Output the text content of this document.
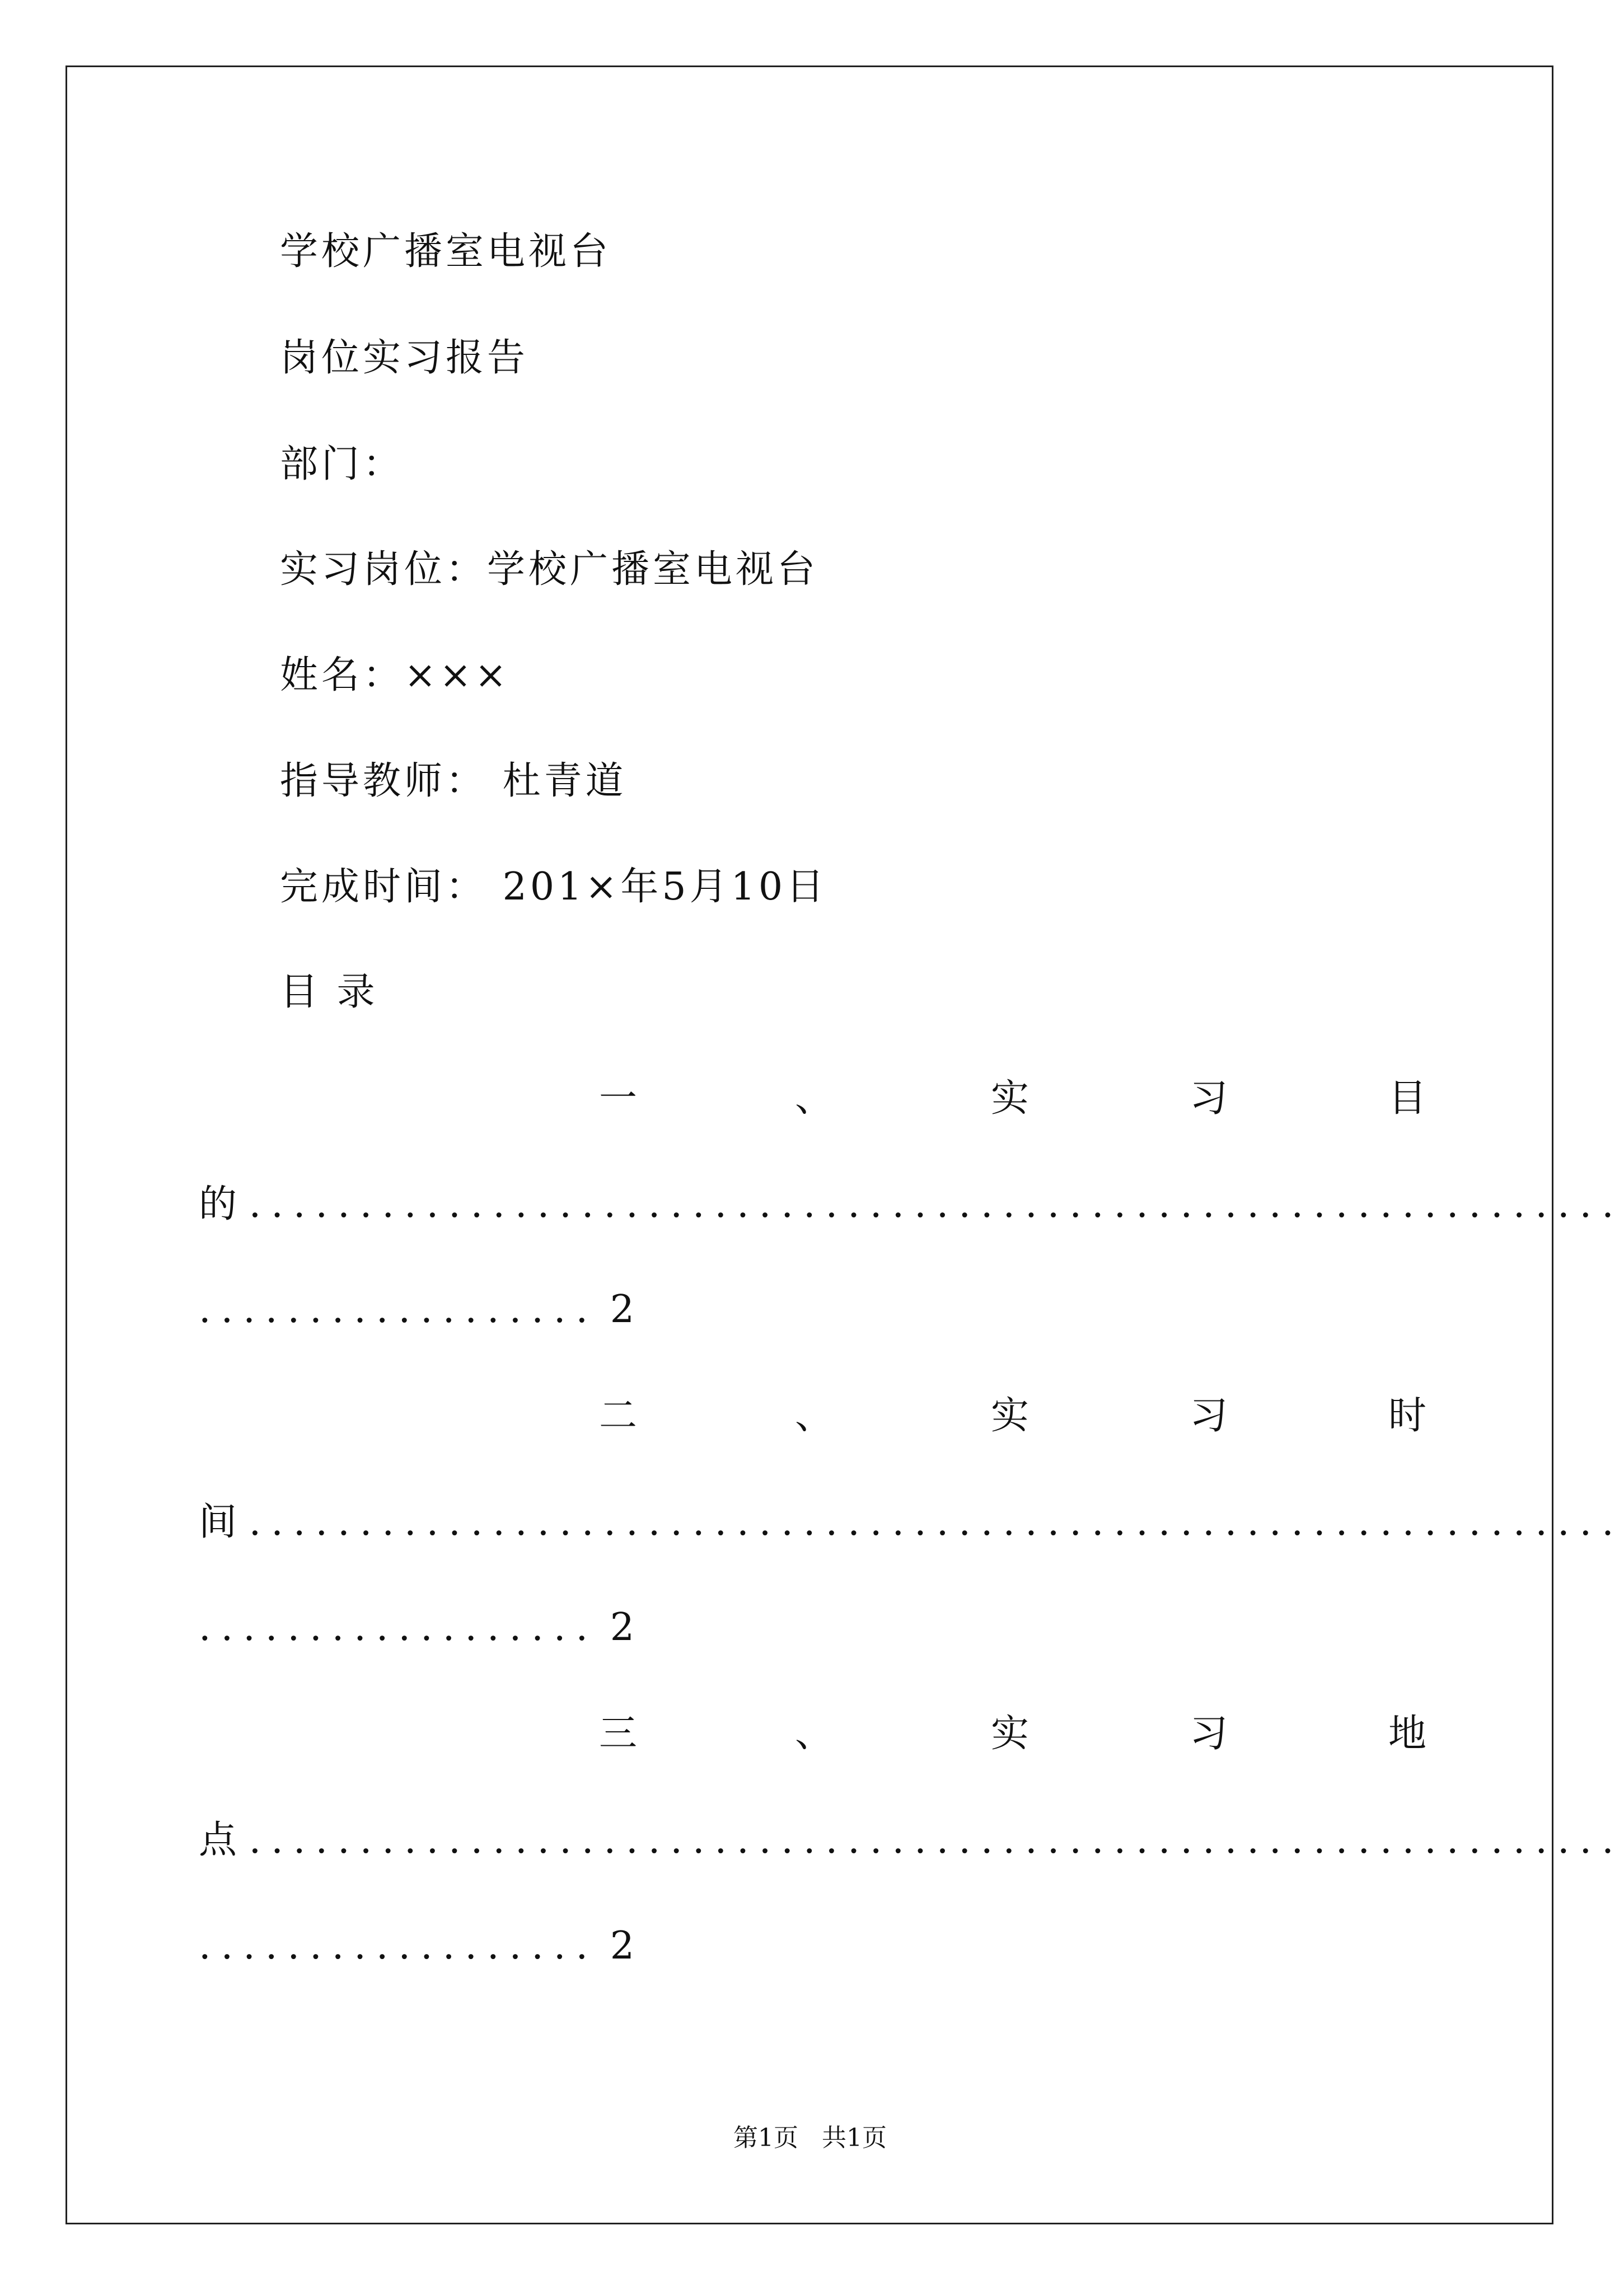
学校广播室电视台
岗位实习报告
部门：
实习岗位：学校广播室电视台
姓名：×××
指导教师： 杜青道
完成时间： 201×年5月10日
目 录
一	、	实	习	目
的 ..............................................................
.................. 2
二	、	实	习	时
间 ..............................................................
.................. 2
三	、	实	习	地
点 ..............................................................
.................. 2
第1页 共1页
